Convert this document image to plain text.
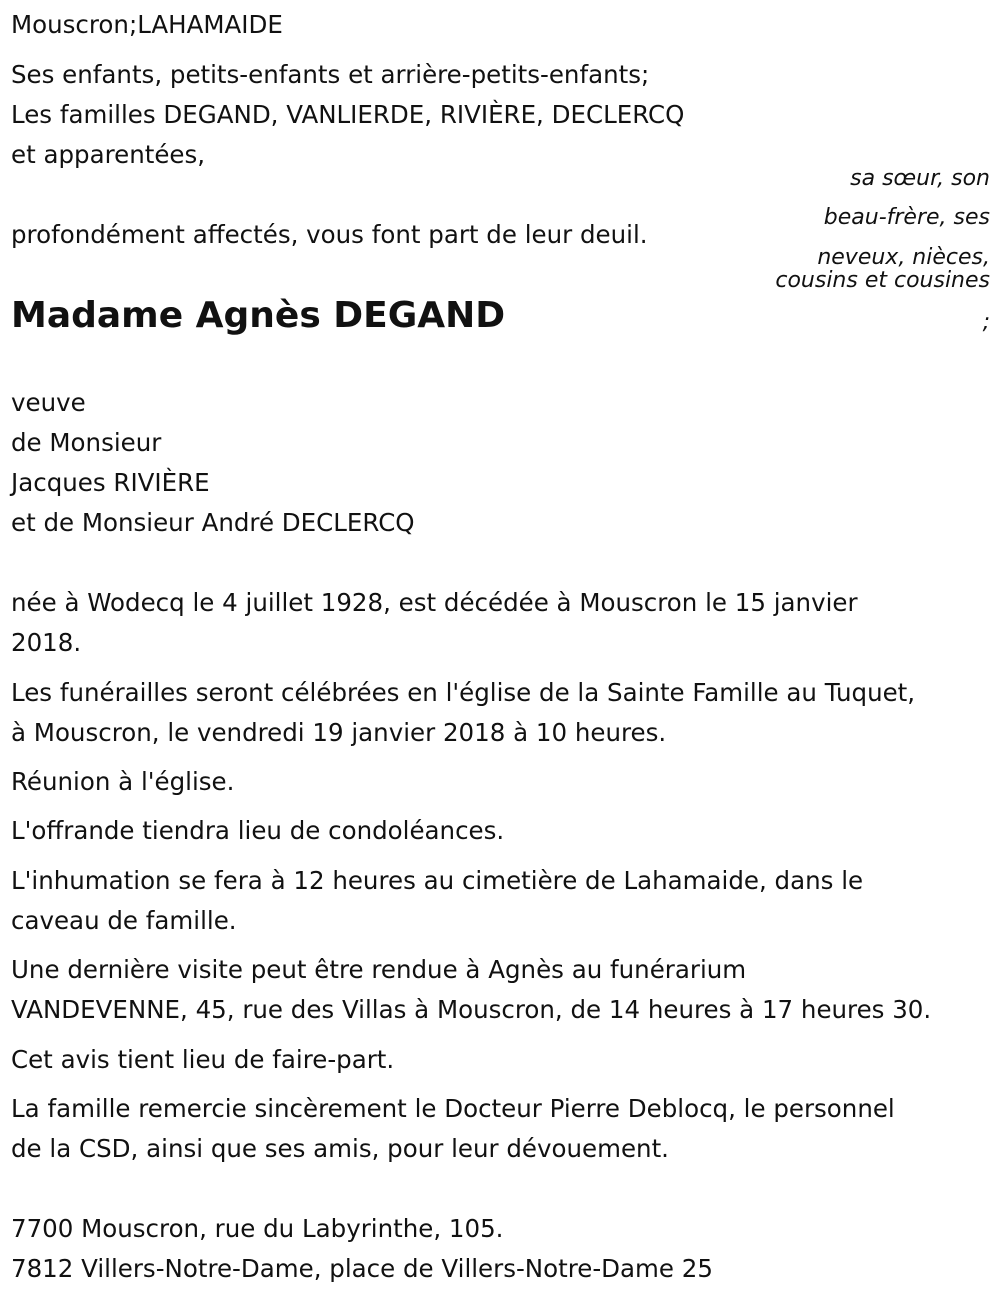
Mouscron;LAHAMAIDE
Ses enfants, petits-enfants et arrière-petits-enfants;
Les familles DEGAND, VANLIERDE, RIVIÈRE, DECLERCQ
et apparentées,
profondément affectés, vous font part de leur deuil.
sa sœur, son
beau-frère, ses
neveux, nièces,
cousins et cousines
;
Madame Agnès DEGAND
veuve
de Monsieur
Jacques RIVIÈRE
et de Monsieur André DECLERCQ
née à Wodecq le 4 juillet 1928, est décédée à Mouscron le 15 janvier
2018.
Les funérailles seront célébrées en l'église de la Sainte Famille au Tuquet,
à Mouscron, le vendredi 19 janvier 2018 à 10 heures.
Réunion à l'église.
L'offrande tiendra lieu de condoléances.
L'inhumation se fera à 12 heures au cimetière de Lahamaide, dans le
caveau de famille.
Une dernière visite peut être rendue à Agnès au funérarium
VANDEVENNE, 45, rue des Villas à Mouscron, de 14 heures à 17 heures 30.
Cet avis tient lieu de faire-part.
La famille remercie sincèrement le Docteur Pierre Deblocq, le personnel
de la CSD, ainsi que ses amis, pour leur dévouement.
7700 Mouscron, rue du Labyrinthe, 105.
7812 Villers-Notre-Dame, place de Villers-Notre-Dame 25
